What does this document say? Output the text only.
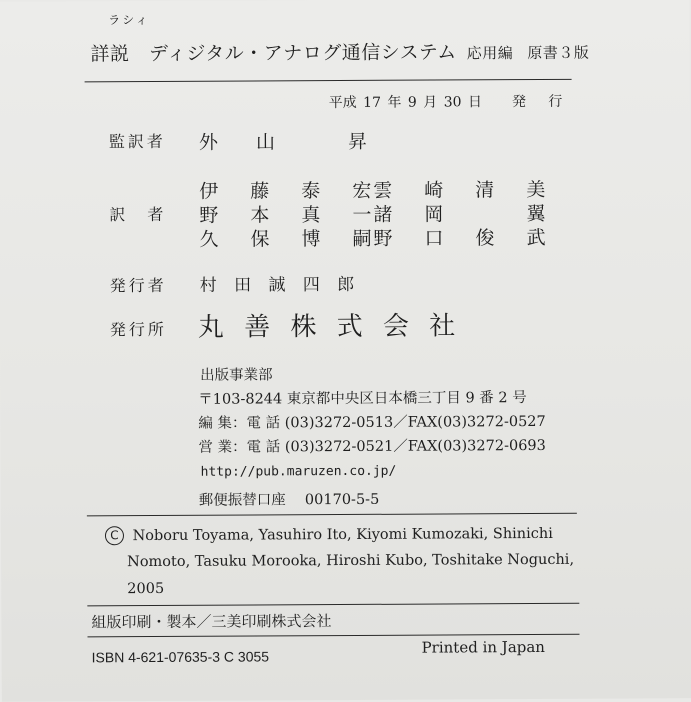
ラシィ
詳説　ディジタル・アナログ通信システム 応用編 原書３版
平成 17 年 9 月 30 日 発 行
監訳者 外 山　 昇
訳　者
伊 藤 泰 宏
野 本 真 一
久 保 博 嗣
雲 崎 清 美
諸 岡 　 翼
野 口 俊 武
発行者 村 田 誠 四 郎
発行所 丸 善 株 式 会 社
出版事業部
〒103-8244 東京都中央区日本橋三丁目 9 番 2 号
編 集：電 話 (03)3272-0513／FAX(03)3272-0527
営 業：電 話 (03)3272-0521／FAX(03)3272-0693
http://pub.maruzen.co.jp/
郵便振替口座　 00170-5-5
C Noboru Toyama, Yasuhiro Ito, Kiyomi Kumozaki, Shinichi
Nomoto, Tasuku Morooka, Hiroshi Kubo, Toshitake Noguchi,
2005
組版印刷・製本／三美印刷株式会社
ISBN 4-621-07635-3 C 3055
Printed in Japan
